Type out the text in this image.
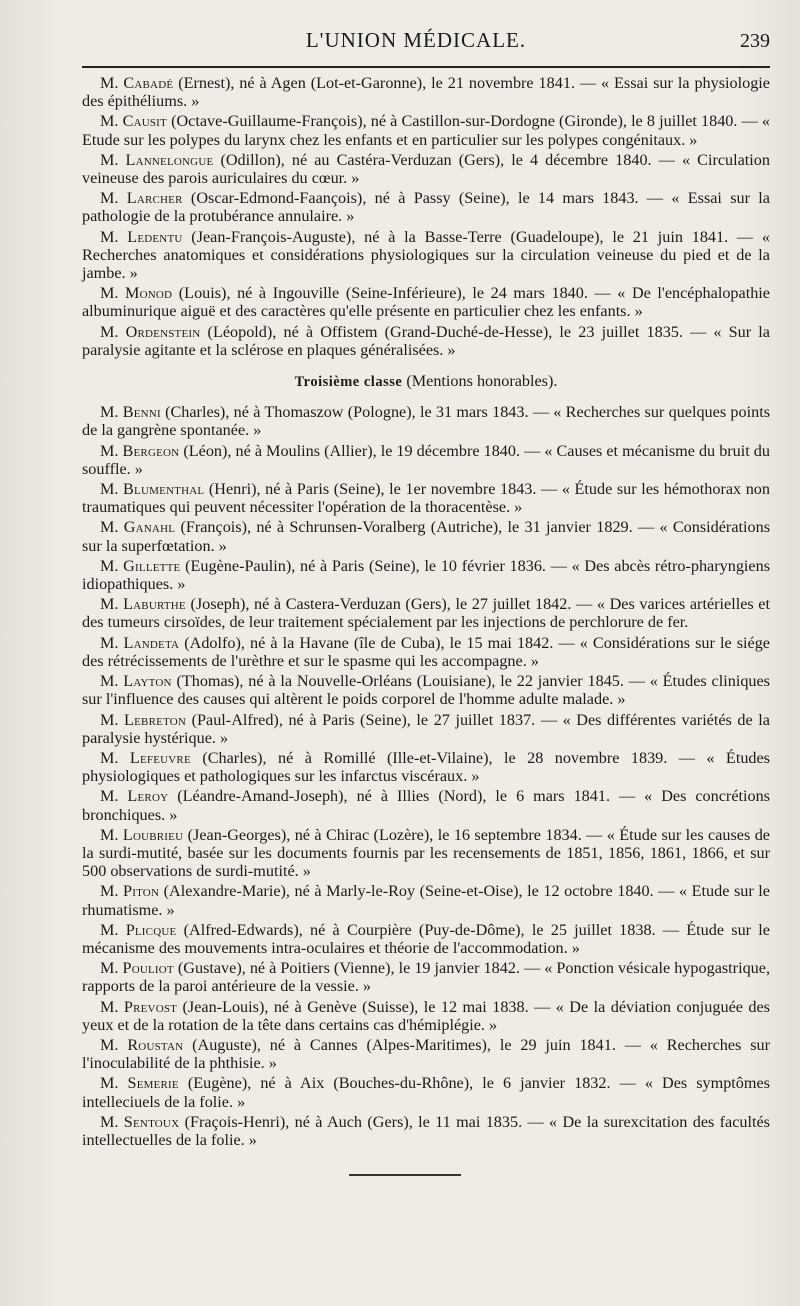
L'UNION MÉDICALE.	239

M. Cabadé (Ernest), né à Agen (Lot-et-Garonne), le 21 novembre 1841. — « Essai sur la physiologie des épithéliums. »

M. Causit (Octave-Guillaume-François), né à Castillon-sur-Dordogne (Gironde), le 8 juillet 1840. — « Etude sur les polypes du larynx chez les enfants et en particulier sur les polypes congénitaux. »

M. Lannelongue (Odillon), né au Castéra-Verduzan (Gers), le 4 décembre 1840. — « Circulation veineuse des parois auriculaires du cœur. »

M. Larcher (Oscar-Edmond-Faançois), né à Passy (Seine), le 14 mars 1843. — « Essai sur la pathologie de la protubérance annulaire. »

M. Ledentu (Jean-François-Auguste), né à la Basse-Terre (Guadeloupe), le 21 juin 1841. — « Recherches anatomiques et considérations physiologiques sur la circulation veineuse du pied et de la jambe. »

M. Monod (Louis), né à Ingouville (Seine-Inférieure), le 24 mars 1840. — « De l'encéphalopathie albuminurique aiguë et des caractères qu'elle présente en particulier chez les enfants. »

M. Ordenstein (Léopold), né à Offistem (Grand-Duché-de-Hesse), le 23 juillet 1835. — « Sur la paralysie agitante et la sclérose en plaques généralisées. »

Troisième classe (Mentions honorables).

M. Benni (Charles), né à Thomaszow (Pologne), le 31 mars 1843. — « Recherches sur quelques points de la gangrène spontanée. »

M. Bergeon (Léon), né à Moulins (Allier), le 19 décembre 1840. — « Causes et mécanisme du bruit du souffle. »

M. Blumenthal (Henri), né à Paris (Seine), le 1er novembre 1843. — « Étude sur les hémothorax non traumatiques qui peuvent nécessiter l'opération de la thoracentèse. »

M. Ganahl (François), né à Schrunsen-Voralberg (Autriche), le 31 janvier 1829. — « Considérations sur la superfœtation. »

M. Gillette (Eugène-Paulin), né à Paris (Seine), le 10 février 1836. — « Des abcès rétro-pharyngiens idiopathiques. »

M. Laburthe (Joseph), né à Castera-Verduzan (Gers), le 27 juillet 1842. — « Des varices artérielles et des tumeurs cirsoïdes, de leur traitement spécialement par les injections de perchlorure de fer.

M. Landeta (Adolfo), né à la Havane (île de Cuba), le 15 mai 1842. — « Considérations sur le siége des rétrécissements de l'urèthre et sur le spasme qui les accompagne. »

M. Layton (Thomas), né à la Nouvelle-Orléans (Louisiane), le 22 janvier 1845. — « Études cliniques sur l'influence des causes qui altèrent le poids corporel de l'homme adulte malade. »

M. Lebreton (Paul-Alfred), né à Paris (Seine), le 27 juillet 1837. — « Des différentes variétés de la paralysie hystérique. »

M. Lefeuvre (Charles), né à Romillé (Ille-et-Vilaine), le 28 novembre 1839. — « Études physiologiques et pathologiques sur les infarctus viscéraux. »

M. Leroy (Léandre-Amand-Joseph), né à Illies (Nord), le 6 mars 1841. — « Des concrétions bronchiques. »

M. Loubrieu (Jean-Georges), né à Chirac (Lozère), le 16 septembre 1834. — « Étude sur les causes de la surdi-mutité, basée sur les documents fournis par les recensements de 1851, 1856, 1861, 1866, et sur 500 observations de surdi-mutité. »

M. Piton (Alexandre-Marie), né à Marly-le-Roy (Seine-et-Oise), le 12 octobre 1840. — « Etude sur le rhumatisme. »

M. Plicque (Alfred-Edwards), né à Courpière (Puy-de-Dôme), le 25 juillet 1838. — Étude sur le mécanisme des mouvements intra-oculaires et théorie de l'accommodation. »

M. Pouliot (Gustave), né à Poitiers (Vienne), le 19 janvier 1842. — « Ponction vésicale hypogastrique, rapports de la paroi antérieure de la vessie. »

M. Prevost (Jean-Louis), né à Genève (Suisse), le 12 mai 1838. — « De la déviation conjuguée des yeux et de la rotation de la tête dans certains cas d'hémiplégie. »

M. Roustan (Auguste), né à Cannes (Alpes-Maritimes), le 29 juin 1841. — « Recherches sur l'inoculabilité de la phthisie. »

M. Semerie (Eugène), né à Aix (Bouches-du-Rhône), le 6 janvier 1832. — « Des symptômes intelleciuels de la folie. »

M. Sentoux (Fraçois-Henri), né à Auch (Gers), le 11 mai 1835. — « De la surexcitation des facultés intellectuelles de la folie. »
